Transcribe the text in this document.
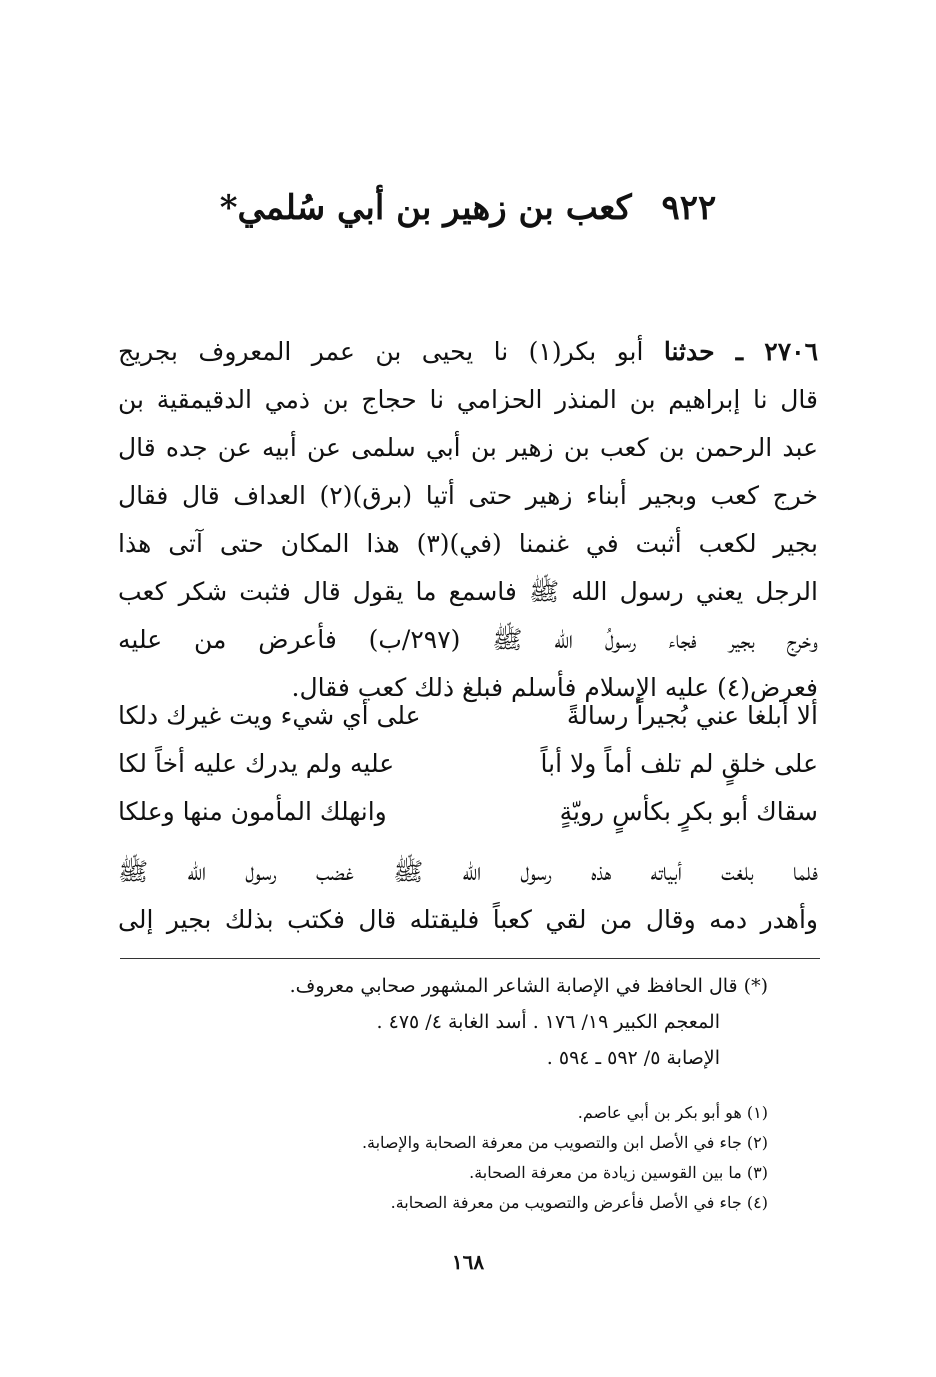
٩٢٢ كعب بن زهير بن أبي سُلمي*
٢٧٠٦ ـ حدثنا أبو بكر(١) نا يحيى بن عمر المعروف بجريج
قال نا إبراهيم بن المنذر الحزامي نا حجاج بن ذمي الدقيمقية بن
عبد الرحمن بن كعب بن زهير بن أبي سلمى عن أبيه عن جده قال
خرج كعب وبجير أبناء زهير حتى أتيا (برق)(٢) العداف قال فقال
بجير لكعب أثبت في غنمنا (في)(٣) هذا المكان حتى آتى هذا
الرجل يعني رسول الله ﷺ فاسمع ما يقول قال فثبت شكر كعب
وخرج بجير فجاء رسولُ الله ﷺ (٢٩٧/ب) فأعرض من عليه
فعرض(٤) عليه الإسلام فأسلم فبلغ ذلك كعب فقال.
ألا أبلغا عني بُجيراً رسالةً
على أي شيء ويت غيرك دلكا
على خلقٍ لم تلف أماً ولا أباً
عليه ولم يدرك عليه أخاً لكا
سقاك أبو بكرٍ بكأسٍ رويّةٍ
وانهلك المأمون منها وعلكا
فلما بلغت أبياته هذه رسول الله ﷺ غضب رسول الله ﷺ
وأهدر دمه وقال من لقي كعباً فليقتله قال فكتب بذلك بجير إلى
(*) قال الحافظ في الإصابة الشاعر المشهور صحابي معروف.
المعجم الكبير ١٩/ ١٧٦ . أسد الغابة ٤/ ٤٧٥ .
الإصابة ٥/ ٥٩٢ ـ ٥٩٤ .
(١) هو أبو بكر بن أبي عاصم.
(٢) جاء في الأصل ابن والتصويب من معرفة الصحابة والإصابة.
(٣) ما بين القوسين زيادة من معرفة الصحابة.
(٤) جاء في الأصل فأعرض والتصويب من معرفة الصحابة.
١٦٨
